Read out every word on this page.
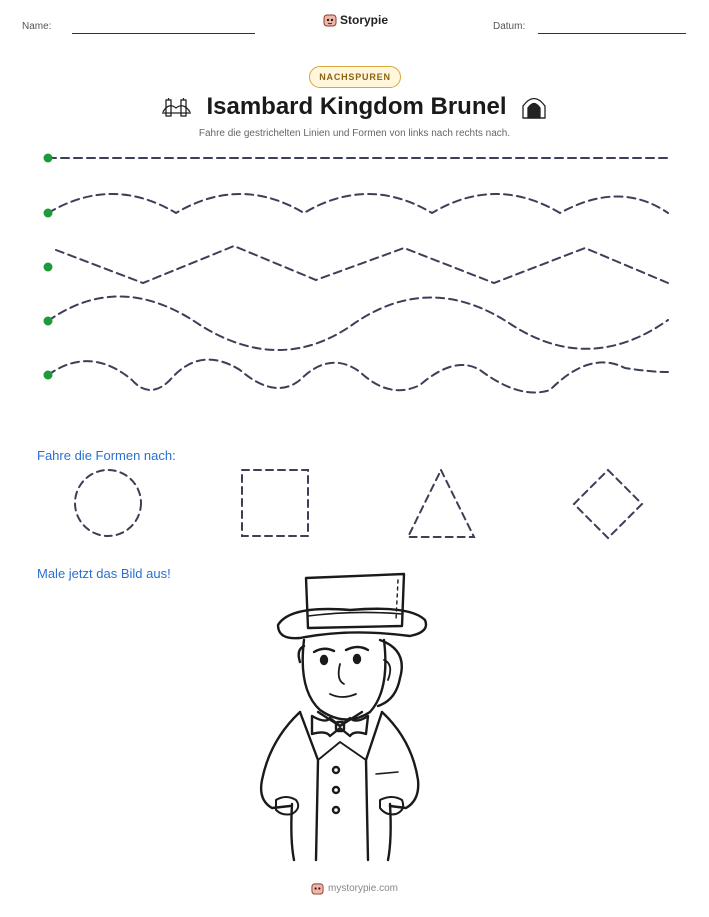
Name:	Storypie	Datum:
NACHSPUREN
Isambard Kingdom Brunel
Fahre die gestrichelten Linien und Formen von links nach rechts nach.
Fahre die Formen nach:
Male jetzt das Bild aus!
mystorypie.com
